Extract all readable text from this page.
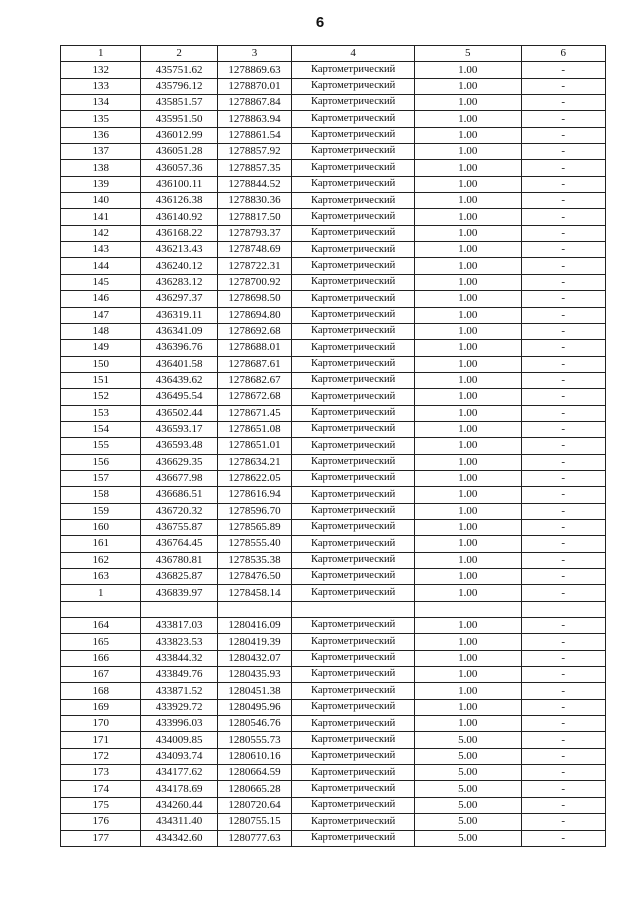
6
1	2	3	4	5	6
132	435751.62	1278869.63	Картометрический	1.00	-
133	435796.12	1278870.01	Картометрический	1.00	-
134	435851.57	1278867.84	Картометрический	1.00	-
135	435951.50	1278863.94	Картометрический	1.00	-
136	436012.99	1278861.54	Картометрический	1.00	-
137	436051.28	1278857.92	Картометрический	1.00	-
138	436057.36	1278857.35	Картометрический	1.00	-
139	436100.11	1278844.52	Картометрический	1.00	-
140	436126.38	1278830.36	Картометрический	1.00	-
141	436140.92	1278817.50	Картометрический	1.00	-
142	436168.22	1278793.37	Картометрический	1.00	-
143	436213.43	1278748.69	Картометрический	1.00	-
144	436240.12	1278722.31	Картометрический	1.00	-
145	436283.12	1278700.92	Картометрический	1.00	-
146	436297.37	1278698.50	Картометрический	1.00	-
147	436319.11	1278694.80	Картометрический	1.00	-
148	436341.09	1278692.68	Картометрический	1.00	-
149	436396.76	1278688.01	Картометрический	1.00	-
150	436401.58	1278687.61	Картометрический	1.00	-
151	436439.62	1278682.67	Картометрический	1.00	-
152	436495.54	1278672.68	Картометрический	1.00	-
153	436502.44	1278671.45	Картометрический	1.00	-
154	436593.17	1278651.08	Картометрический	1.00	-
155	436593.48	1278651.01	Картометрический	1.00	-
156	436629.35	1278634.21	Картометрический	1.00	-
157	436677.98	1278622.05	Картометрический	1.00	-
158	436686.51	1278616.94	Картометрический	1.00	-
159	436720.32	1278596.70	Картометрический	1.00	-
160	436755.87	1278565.89	Картометрический	1.00	-
161	436764.45	1278555.40	Картометрический	1.00	-
162	436780.81	1278535.38	Картометрический	1.00	-
163	436825.87	1278476.50	Картометрический	1.00	-
1	436839.97	1278458.14	Картометрический	1.00	-

164	433817.03	1280416.09	Картометрический	1.00	-
165	433823.53	1280419.39	Картометрический	1.00	-
166	433844.32	1280432.07	Картометрический	1.00	-
167	433849.76	1280435.93	Картометрический	1.00	-
168	433871.52	1280451.38	Картометрический	1.00	-
169	433929.72	1280495.96	Картометрический	1.00	-
170	433996.03	1280546.76	Картометрический	1.00	-
171	434009.85	1280555.73	Картометрический	5.00	-
172	434093.74	1280610.16	Картометрический	5.00	-
173	434177.62	1280664.59	Картометрический	5.00	-
174	434178.69	1280665.28	Картометрический	5.00	-
175	434260.44	1280720.64	Картометрический	5.00	-
176	434311.40	1280755.15	Картометрический	5.00	-
177	434342.60	1280777.63	Картометрический	5.00	-
